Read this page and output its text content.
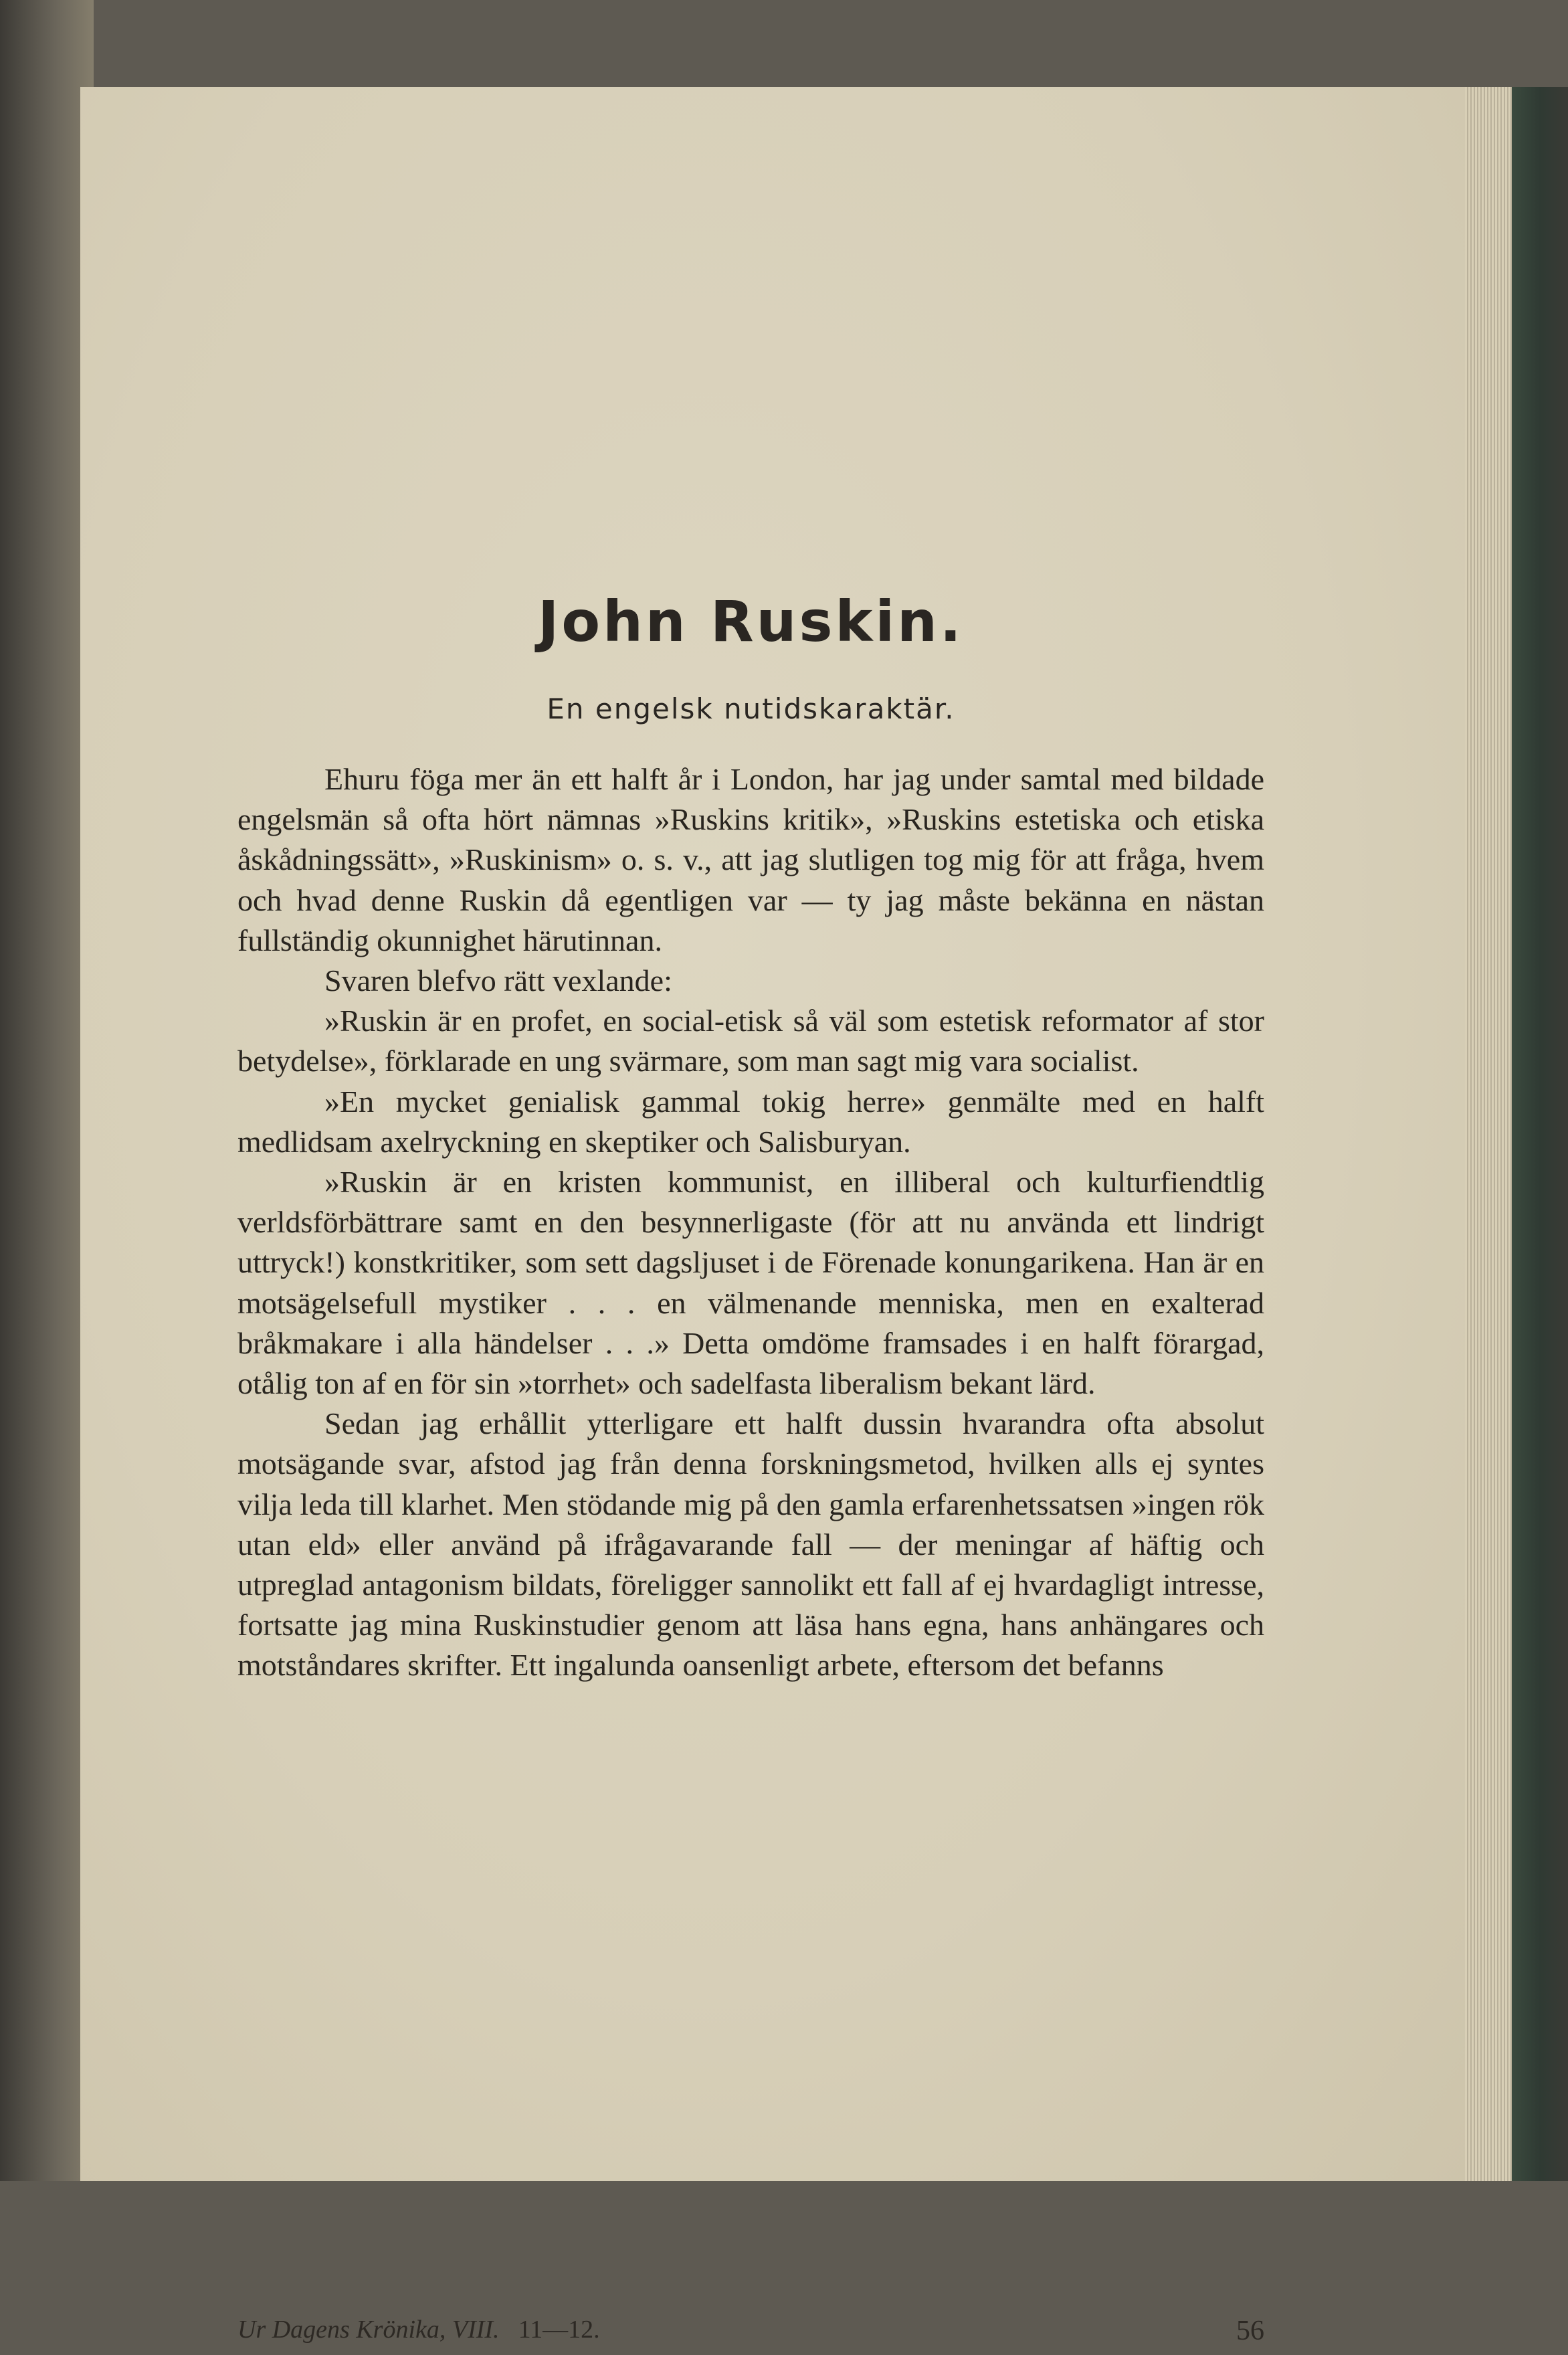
John Ruskin.
En engelsk nutidskaraktär.

Ehuru föga mer än ett halft år i London, har jag under samtal med bildade engelsmän så ofta hört nämnas »Ruskins kritik», »Ruskins estetiska och etiska åskådningssätt», »Ruskinism» o. s. v., att jag slutligen tog mig för att fråga, hvem och hvad denne Ruskin då egentligen var — ty jag måste bekänna en nästan fullständig okunnighet härutinnan.

Svaren blefvo rätt vexlande:

»Ruskin är en profet, en social-etisk så väl som estetisk reformator af stor betydelse», förklarade en ung svärmare, som man sagt mig vara socialist.

»En mycket genialisk gammal tokig herre» genmälte med en halft medlidsam axelryckning en skeptiker och Salisburyan.

»Ruskin är en kristen kommunist, en illiberal och kulturfiendtlig verldsförbättrare samt en den besynnerligaste (för att nu använda ett lindrigt uttryck!) konstkritiker, som sett dagsljuset i de Förenade konungarikena. Han är en motsägelsefull mystiker . . . en välmenande menniska, men en exalterad bråkmakare i alla händelser . . .» Detta omdöme framsades i en halft förargad, otålig ton af en för sin »torrhet» och sadelfasta liberalism bekant lärd.

Sedan jag erhållit ytterligare ett halft dussin hvarandra ofta absolut motsägande svar, afstod jag från denna forskningsmetod, hvilken alls ej syntes vilja leda till klarhet. Men stödande mig på den gamla erfarenhetssatsen »ingen rök utan eld» eller använd på ifrågavarande fall — der meningar af häftig och utpreglad antagonism bildats, föreligger sannolikt ett fall af ej hvardagligt intresse, fortsatte jag mina Ruskinstudier genom att läsa hans egna, hans anhängares och motståndares skrifter. Ett ingalunda oansenligt arbete, eftersom det befanns

Ur Dagens Krönika, VIII. 11—12.	56
